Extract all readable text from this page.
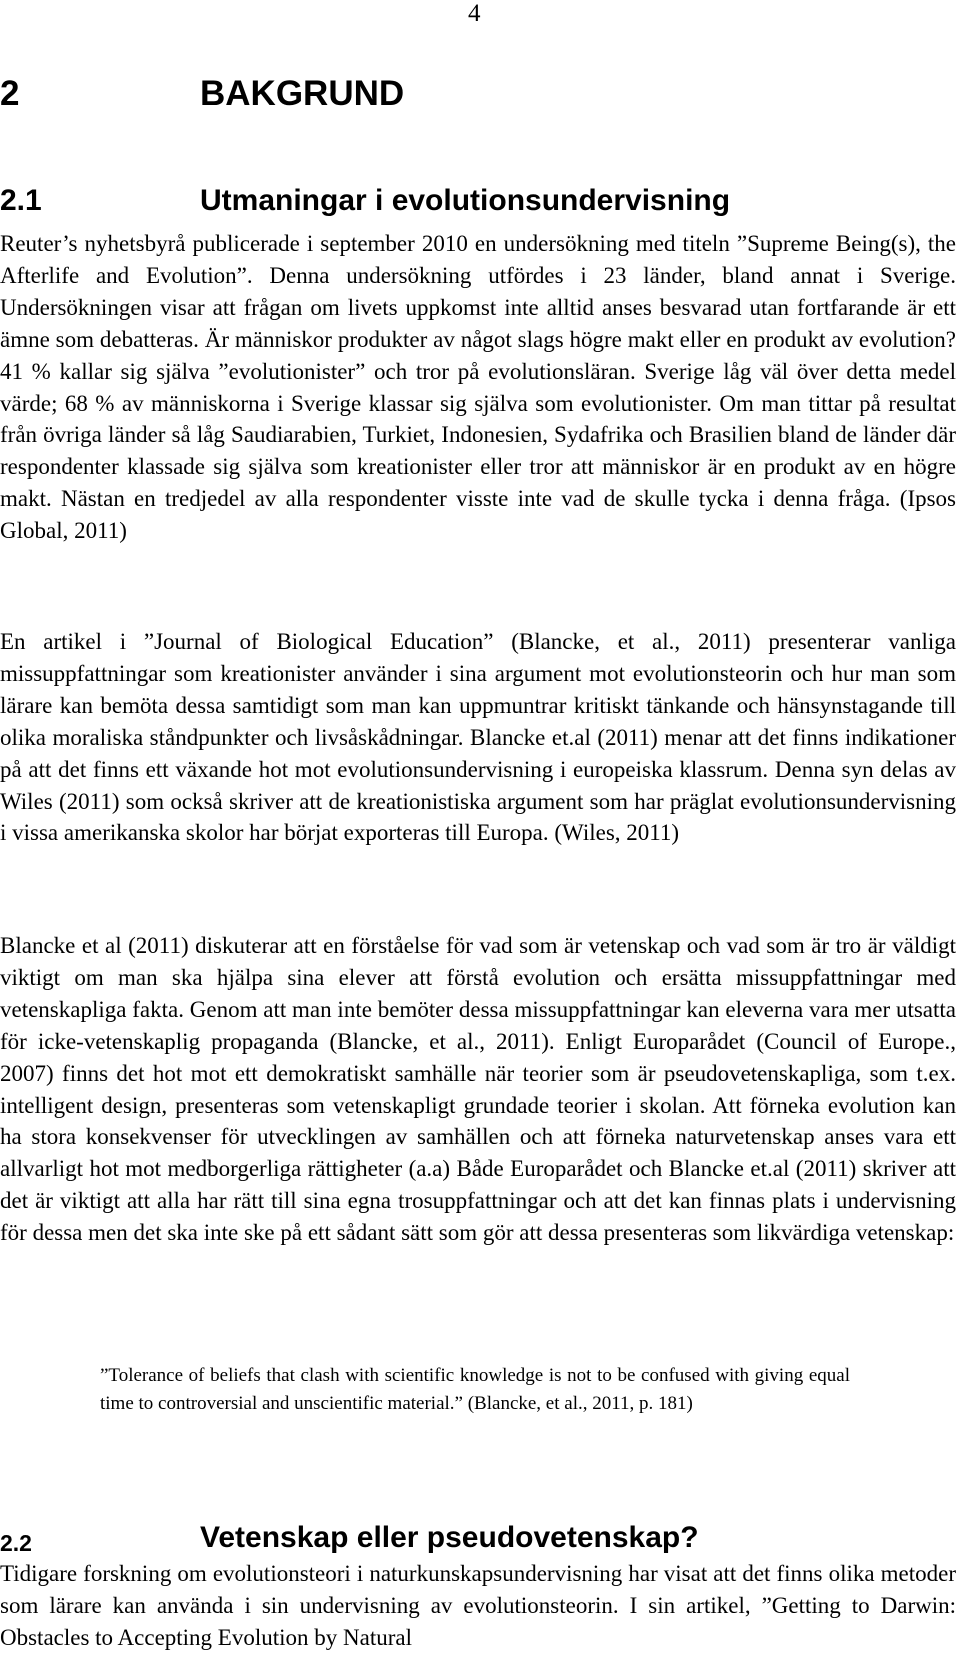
4
2	BAKGRUND
2.1	Utmaningar i evolutionsundervisning

Reuter’s nyhetsbyrå publicerade i september 2010 en undersökning med titeln ”Supreme Being(s), the Afterlife and Evolution”. Denna undersökning utfördes i 23 länder, bland annat i Sverige. Undersökningen visar att frågan om livets uppkomst inte alltid anses besvarad utan fortfarande är ett ämne som debatteras. Är människor produkter av något slags högre makt eller en produkt av evolution? 41 % kallar sig själva ”evolutionister” och tror på evolutionsläran. Sverige låg väl över detta medel värde; 68 % av människorna i Sverige klassar sig själva som evolutionister. Om man tittar på resultat från övriga länder så låg Saudiarabien, Turkiet, Indonesien, Sydafrika och Brasilien bland de länder där respondenter klassade sig själva som kreationister eller tror att människor är en produkt av en högre makt. Nästan en tredjedel av alla respondenter visste inte vad de skulle tycka i denna fråga. (Ipsos Global, 2011)

En artikel i ”Journal of Biological Education” (Blancke, et al., 2011) presenterar vanliga missuppfattningar som kreationister använder i sina argument mot evolutionsteorin och hur man som lärare kan bemöta dessa samtidigt som man kan uppmuntrar kritiskt tänkande och hänsynstagande till olika moraliska ståndpunkter och livsåskådningar. Blancke et.al (2011) menar att det finns indikationer på att det finns ett växande hot mot evolutionsundervisning i europeiska klassrum. Denna syn delas av Wiles (2011) som också skriver att de kreationistiska argument som har präglat evolutionsundervisning i vissa amerikanska skolor har börjat exporteras till Europa. (Wiles, 2011)

Blancke et al (2011) diskuterar att en förståelse för vad som är vetenskap och vad som är tro är väldigt viktigt om man ska hjälpa sina elever att förstå evolution och ersätta missuppfattningar med vetenskapliga fakta. Genom att man inte bemöter dessa missuppfattningar kan eleverna vara mer utsatta för icke-vetenskaplig propaganda (Blancke, et al., 2011). Enligt Europarådet (Council of Europe., 2007) finns det hot mot ett demokratiskt samhälle när teorier som är pseudovetenskapliga, som t.ex. intelligent design, presenteras som vetenskapligt grundade teorier i skolan. Att förneka evolution kan ha stora konsekvenser för utvecklingen av samhällen och att förneka naturvetenskap anses vara ett allvarligt hot mot medborgerliga rättigheter (a.a) Både Europarådet och Blancke et.al (2011) skriver att det är viktigt att alla har rätt till sina egna trosuppfattningar och att det kan finnas plats i undervisning för dessa men det ska inte ske på ett sådant sätt som gör att dessa presenteras som likvärdiga vetenskap:

”Tolerance of beliefs that clash with scientific knowledge is not to be confused with giving equal time to controversial and unscientific material.” (Blancke, et al., 2011, p. 181)

2.2	Vetenskap eller pseudovetenskap?

Tidigare forskning om evolutionsteori i naturkunskapsundervisning har visat att det finns olika metoder som lärare kan använda i sin undervisning av evolutionsteorin. I sin artikel, ”Getting to Darwin: Obstacles to Accepting Evolution by Natural
